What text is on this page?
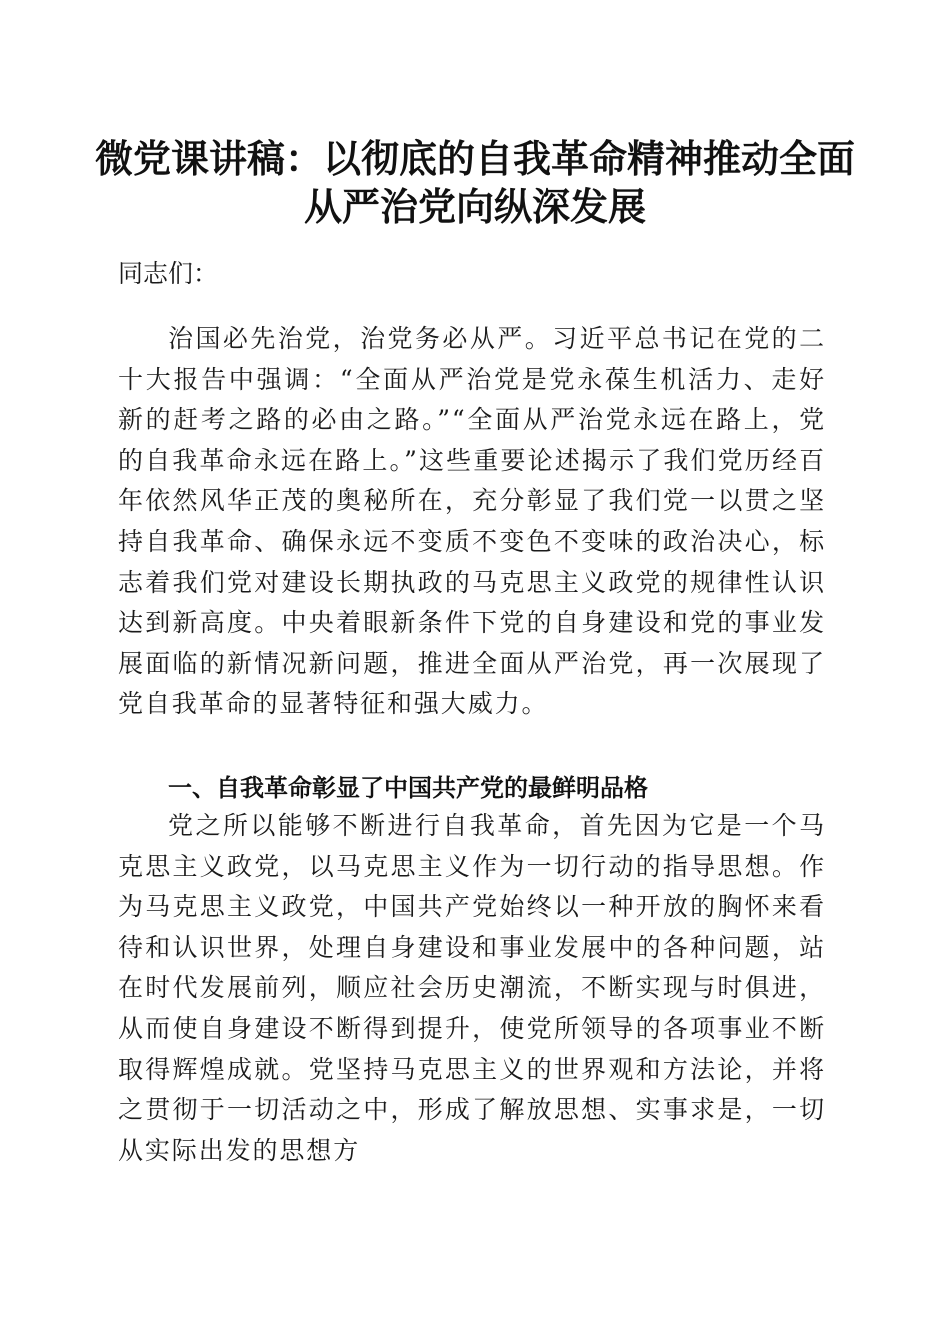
微党课讲稿：以彻底的自我革命精神推动全面
从严治党向纵深发展
同志们：

治国必先治党，治党务必从严。习近平总书记在党的二十大报告中强调：“全面从严治党是党永葆生机活力、走好新的赶考之路的必由之路。”“全面从严治党永远在路上，党的自我革命永远在路上。”这些重要论述揭示了我们党历经百年依然风华正茂的奥秘所在，充分彰显了我们党一以贯之坚持自我革命、确保永远不变质不变色不变味的政治决心，标志着我们党对建设长期执政的马克思主义政党的规律性认识达到新高度。中央着眼新条件下党的自身建设和党的事业发展面临的新情况新问题，推进全面从严治党，再一次展现了党自我革命的显著特征和强大威力。

一、自我革命彰显了中国共产党的最鲜明品格

党之所以能够不断进行自我革命，首先因为它是一个马克思主义政党，以马克思主义作为一切行动的指导思想。作为马克思主义政党，中国共产党始终以一种开放的胸怀来看待和认识世界，处理自身建设和事业发展中的各种问题，站在时代发展前列，顺应社会历史潮流，不断实现与时俱进，从而使自身建设不断得到提升，使党所领导的各项事业不断取得辉煌成就。党坚持马克思主义的世界观和方法论，并将之贯彻于一切活动之中，形成了解放思想、实事求是，一切从实际出发的思想方
